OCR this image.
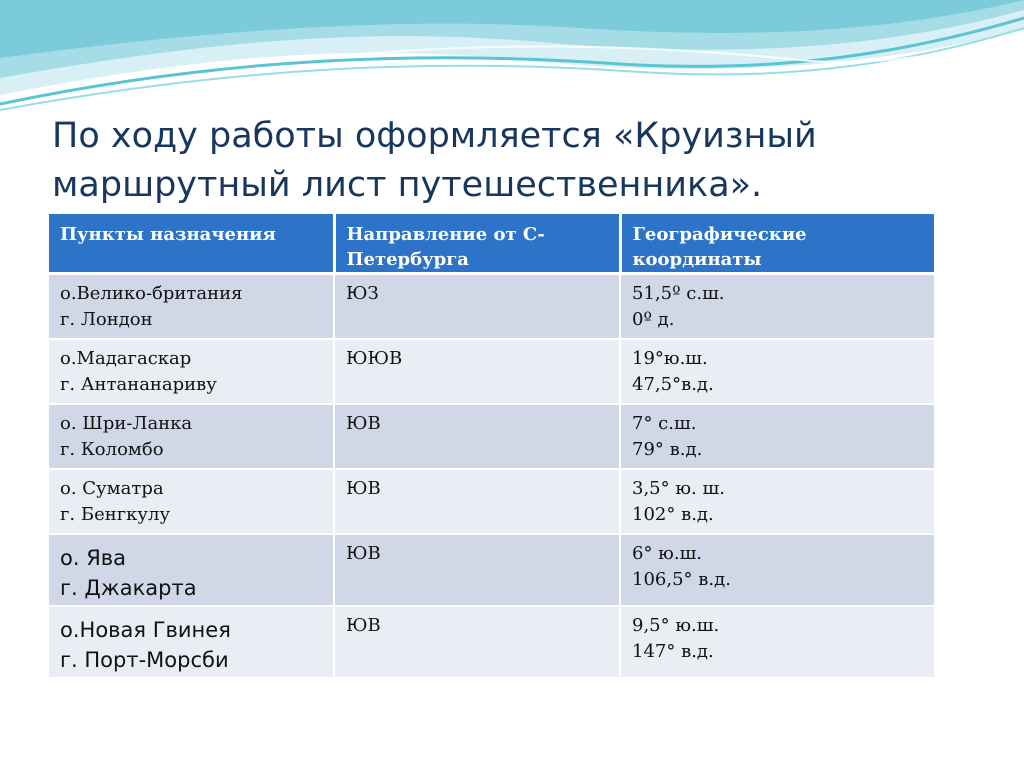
По ходу работы оформляется «Круизный
маршрутный лист путешественника».
Пункты назначения	Направление от С-Петербурга	Географические координаты

о.Велико-британия
г. Лондон	ЮЗ	51,5º с.ш.
0º д.

о.Мадагаскар
г. Антананариву	ЮЮВ	19°ю.ш.
47,5°в.д.

о. Шри-Ланка
г. Коломбо	ЮВ	7° с.ш.
79° в.д.

о. Суматра
г. Бенгкулу	ЮВ	3,5° ю. ш.
102° в.д.

о. Ява
г. Джакарта	ЮВ	6° ю.ш.
106,5° в.д.

о.Новая Гвинея
г. Порт-Морсби	ЮВ	9,5° ю.ш.
147° в.д.
